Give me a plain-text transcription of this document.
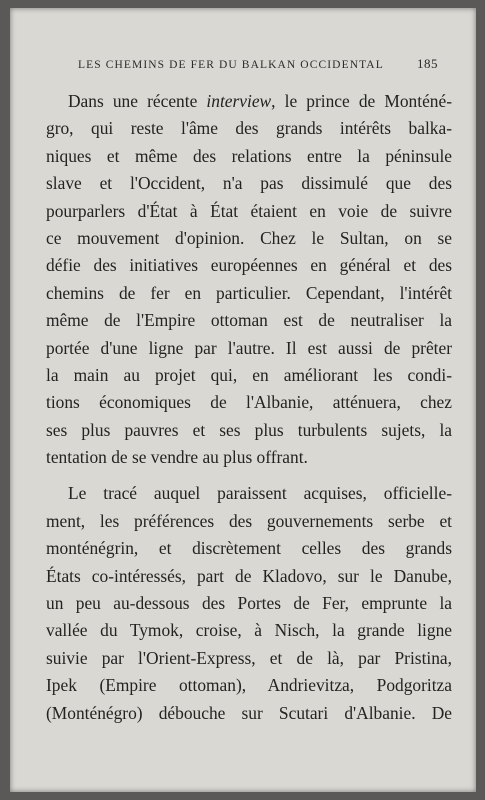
LES CHEMINS DE FER DU BALKAN OCCIDENTAL	185
Dans une récente interview, le prince de Monténé-
gro, qui reste l'âme des grands intérêts balka-
niques et même des relations entre la péninsule
slave et l'Occident, n'a pas dissimulé que des
pourparlers d'État à État étaient en voie de suivre
ce mouvement d'opinion. Chez le Sultan, on se
défie des initiatives européennes en général et des
chemins de fer en particulier. Cependant, l'intérêt
même de l'Empire ottoman est de neutraliser la
portée d'une ligne par l'autre. Il est aussi de prêter
la main au projet qui, en améliorant les condi-
tions économiques de l'Albanie, atténuera, chez
ses plus pauvres et ses plus turbulents sujets, la
tentation de se vendre au plus offrant.
Le tracé auquel paraissent acquises, officielle-
ment, les préférences des gouvernements serbe et
monténégrin, et discrètement celles des grands
États co-intéressés, part de Kladovo, sur le Danube,
un peu au-dessous des Portes de Fer, emprunte la
vallée du Tymok, croise, à Nisch, la grande ligne
suivie par l'Orient-Express, et de là, par Pristina,
Ipek (Empire ottoman), Andrievitza, Podgoritza
(Monténégro) débouche sur Scutari d'Albanie. De
